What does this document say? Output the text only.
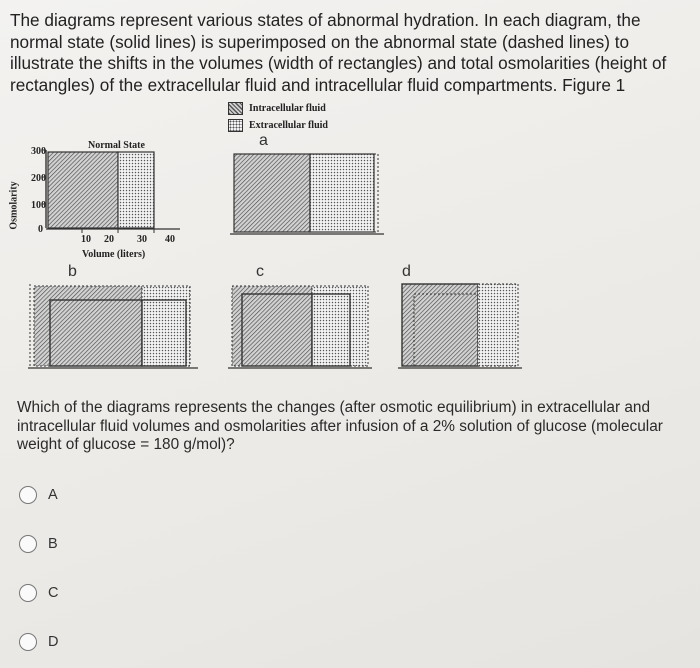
The diagrams represent various states of abnormal hydration. In each diagram, the normal state (solid lines) is superimposed on the abnormal state (dashed lines) to illustrate the shifts in the volumes (width of rectangles) and total osmolarities (height of rectangles) of the extracellular fluid and intracellular fluid compartments. Figure 1
Intracellular fluid
Extracellular fluid
Osmolarity
300
200
100
0
Normal State
10 20 30 40
Volume (liters)
a
b	c	d
Which of the diagrams represents the changes (after osmotic equilibrium) in extracellular and intracellular fluid volumes and osmolarities after infusion of a 2% solution of glucose (molecular weight of glucose = 180 g/mol)?
A
B
C
D
